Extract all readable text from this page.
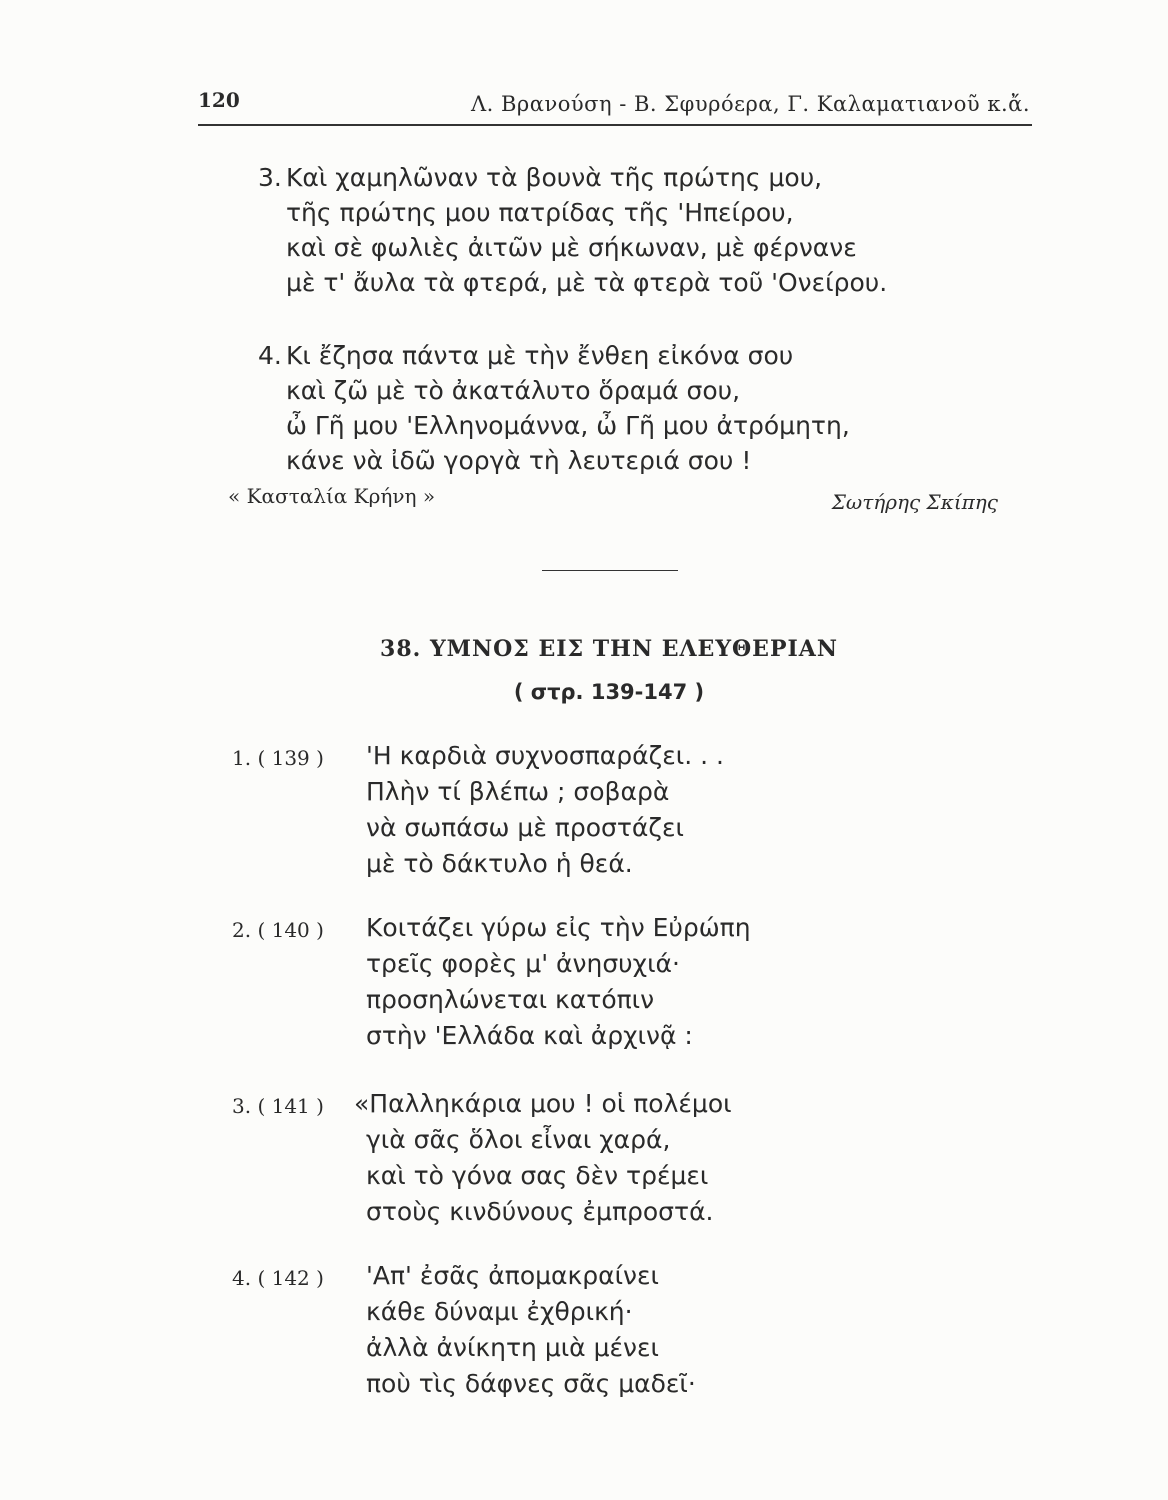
120	Λ. Βρανούση - Β. Σφυρόερα, Γ. Καλαματιανοῦ κ.ἄ.
3. Καὶ χαμηλῶναν τὰ βουνὰ τῆς πρώτης μου,
τῆς πρώτης μου πατρίδας τῆς 'Ηπείρου,
καὶ σὲ φωλιὲς ἀιτῶν μὲ σήκωναν, μὲ φέρνανε
μὲ τ' ἄυλα τὰ φτερά, μὲ τὰ φτερὰ τοῦ 'Ονείρου.
4. Κι ἔζησα πάντα μὲ τὴν ἔνθεη εἰκόνα σου
καὶ ζῶ μὲ τὸ ἀκατάλυτο ὅραμά σου,
ὦ Γῆ μου 'Ελληνομάννα, ὦ Γῆ μου ἀτρόμητη,
κάνε νὰ ἰδῶ γοργὰ τὴ λευτεριά σου !
« Κασταλία Κρήνη »	Σωτήρης Σκίπης
38. ΥΜΝΟΣ ΕΙΣ ΤΗΝ ΕΛΕΥΘΕΡΙΑΝ
( στρ. 139-147 )
1. ( 139 ) 'Η καρδιὰ συχνοσπαράζει. . .
Πλὴν τί βλέπω ; σοβαρὰ
νὰ σωπάσω μὲ προστάζει
μὲ τὸ δάκτυλο ἡ θεά.
2. ( 140 ) Κοιτάζει γύρω εἰς τὴν Εὐρώπη
τρεῖς φορὲς μ' ἀνησυχιά·
προσηλώνεται κατόπιν
στὴν 'Ελλάδα καὶ ἀρχινᾷ :
3. ( 141 ) «Παλληκάρια μου ! οἱ πολέμοι
γιὰ σᾶς ὅλοι εἶναι χαρά,
καὶ τὸ γόνα σας δὲν τρέμει
στοὺς κινδύνους ἐμπροστά.
4. ( 142 ) 'Απ' ἐσᾶς ἀπομακραίνει
κάθε δύναμι ἐχθρική·
ἀλλὰ ἀνίκητη μιὰ μένει
ποὺ τὶς δάφνες σᾶς μαδεῖ·
